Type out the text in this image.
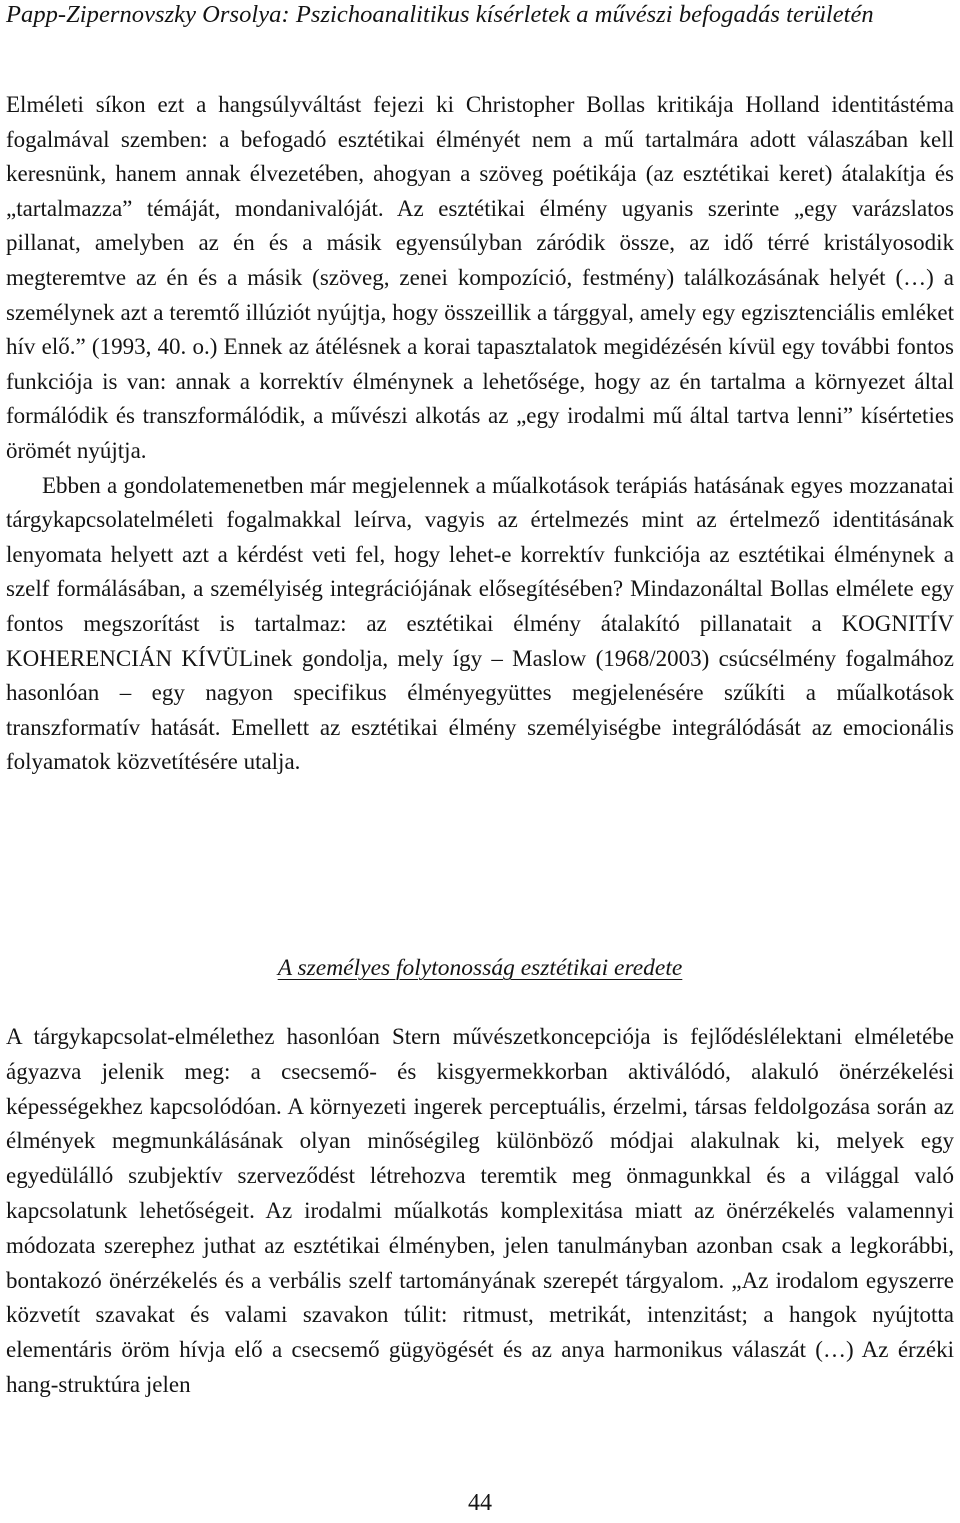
Papp-Zipernovszky Orsolya: Pszichoanalitikus kísérletek a művészi befogadás területén

Elméleti síkon ezt a hangsúlyváltást fejezi ki Christopher Bollas kritikája Holland identitástéma fogalmával szemben: a befogadó esztétikai élményét nem a mű tartalmára adott válaszában kell keresnünk, hanem annak élvezetében, ahogyan a szöveg poétikája (az esztétikai keret) átalakítja és „tartalmazza” témáját, mondanivalóját. Az esztétikai élmény ugyanis szerinte „egy varázslatos pillanat, amelyben az én és a másik egyensúlyban záródik össze, az idő térré kristályosodik megteremtve az én és a másik (szöveg, zenei kompozíció, festmény) találkozásának helyét (…) a személynek azt a teremtő illúziót nyújtja, hogy összeillik a tárggyal, amely egy egzisztenciális emléket hív elő.” (1993, 40. o.) Ennek az átélésnek a korai tapasztalatok megidézésén kívül egy további fontos funkciója is van: annak a korrektív élménynek a lehetősége, hogy az én tartalma a környezet által formálódik és transzformálódik, a művészi alkotás az „egy irodalmi mű által tartva lenni” kísérteties örömét nyújtja.

Ebben a gondolatemenetben már megjelennek a műalkotások terápiás hatásának egyes mozzanatai tárgykapcsolatelméleti fogalmakkal leírva, vagyis az értelmezés mint az értelmező identitásának lenyomata helyett azt a kérdést veti fel, hogy lehet-e korrektív funkciója az esztétikai élménynek a szelf formálásában, a személyiség integrációjának elősegítésében? Mindazonáltal Bollas elmélete egy fontos megszorítást is tartalmaz: az esztétikai élmény átalakító pillanatait a KOGNITÍV KOHERENCIÁN KÍVÜLinek gondolja, mely így – Maslow (1968/2003) csúcsélmény fogalmához hasonlóan – egy nagyon specifikus élményegyüttes megjelenésére szűkíti a műalkotások transzformatív hatását. Emellett az esztétikai élmény személyiségbe integrálódását az emocionális folyamatok közvetítésére utalja.

A személyes folytonosság esztétikai eredete

A tárgykapcsolat-elmélethez hasonlóan Stern művészetkoncepciója is fejlődéslélektani elméletébe ágyazva jelenik meg: a csecsemő- és kisgyermekkorban aktiválódó, alakuló önérzékelési képességekhez kapcsolódóan. A környezeti ingerek perceptuális, érzelmi, társas feldolgozása során az élmények megmunkálásának olyan minőségileg különböző módjai alakulnak ki, melyek egy egyedülálló szubjektív szerveződést létrehozva teremtik meg önmagunkkal és a világgal való kapcsolatunk lehetőségeit. Az irodalmi műalkotás komplexitása miatt az önérzékelés valamennyi módozata szerephez juthat az esztétikai élményben, jelen tanulmányban azonban csak a legkorábbi, bontakozó önérzékelés és a verbális szelf tartományának szerepét tárgyalom. „Az irodalom egyszerre közvetít szavakat és valami szavakon túlit: ritmust, metrikát, intenzitást; a hangok nyújtotta elementáris öröm hívja elő a csecsemő gügyögését és az anya harmonikus válaszát (…) Az érzéki hang-struktúra jelen

44
